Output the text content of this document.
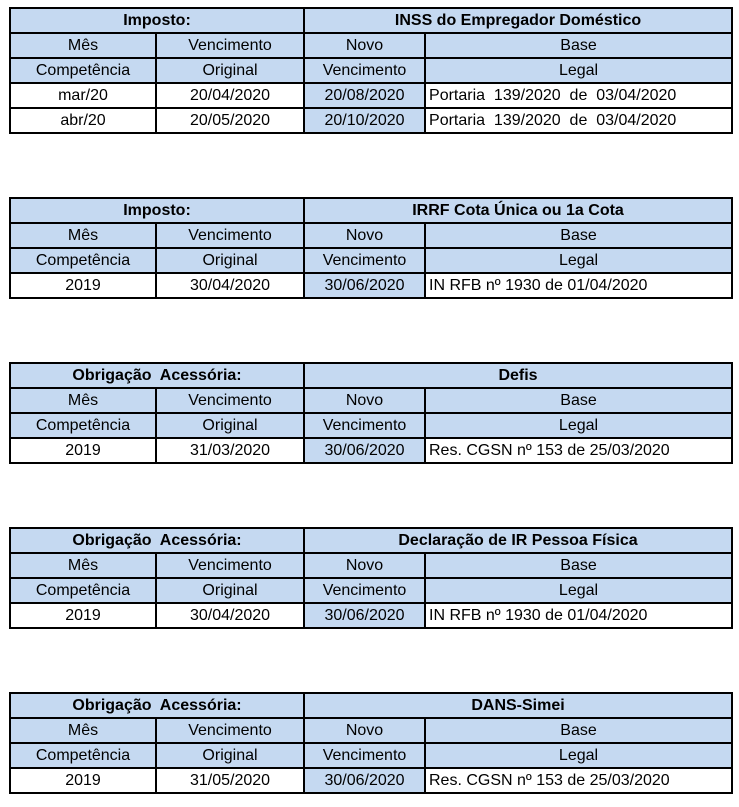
Imposto:		INSS do Empregador Doméstico	
Mês	Vencimento	Novo	Base
Competência	Original	Vencimento	Legal
mar/20	20/04/2020	20/08/2020	Portaria  139/2020  de  03/04/2020
abr/20	20/05/2020	20/10/2020	Portaria  139/2020  de  03/04/2020
Imposto:		IRRF Cota Única ou 1a Cota	
Mês	Vencimento	Novo	Base
Competência	Original	Vencimento	Legal
2019	30/04/2020	30/06/2020	IN RFB nº 1930 de 01/04/2020
Obrigação  Acessória:		Defis	
Mês	Vencimento	Novo	Base
Competência	Original	Vencimento	Legal
2019	31/03/2020	30/06/2020	Res. CGSN nº 153 de 25/03/2020
Obrigação  Acessória:		Declaração de IR Pessoa Física	
Mês	Vencimento	Novo	Base
Competência	Original	Vencimento	Legal
2019	30/04/2020	30/06/2020	IN RFB nº 1930 de 01/04/2020
Obrigação  Acessória:		DANS-Simei	
Mês	Vencimento	Novo	Base
Competência	Original	Vencimento	Legal
2019	31/05/2020	30/06/2020	Res. CGSN nº 153 de 25/03/2020
